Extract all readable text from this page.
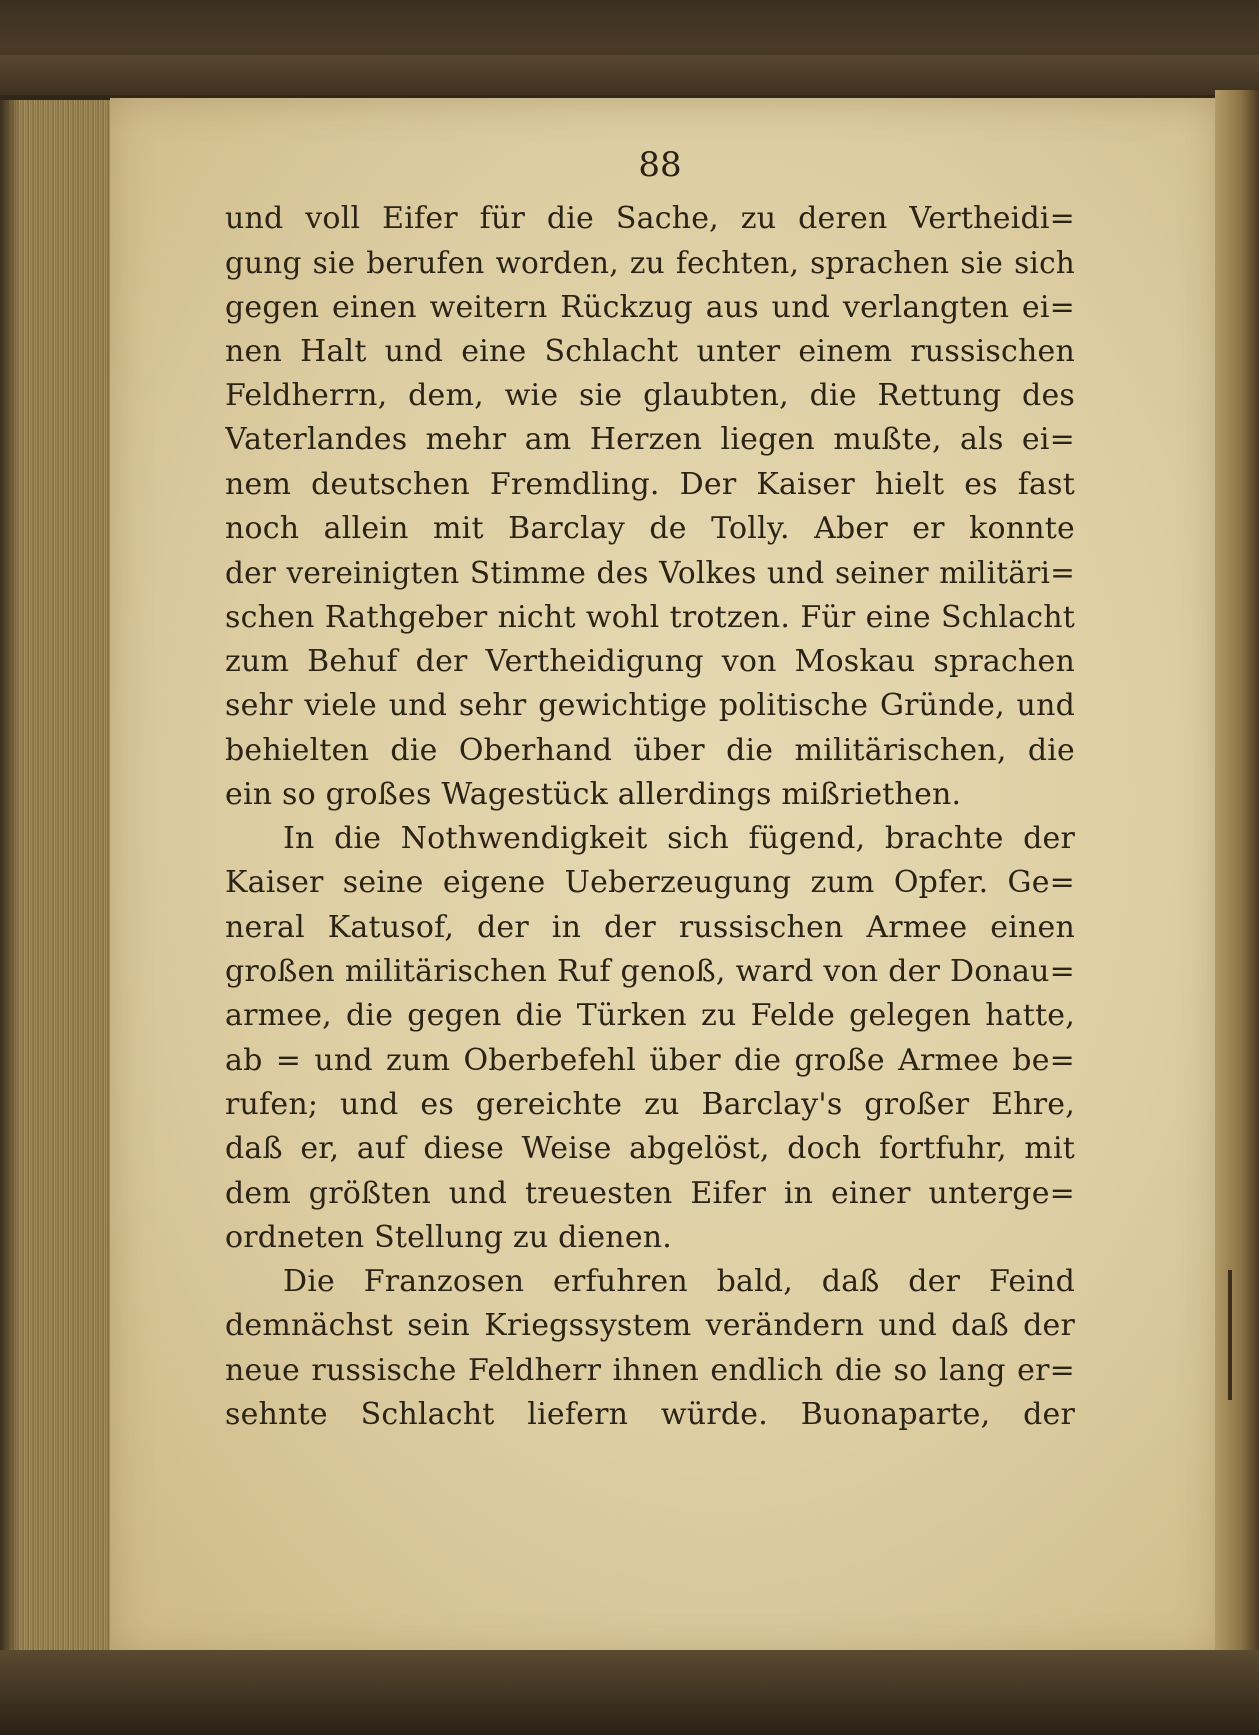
88
und voll Eifer für die Sache, zu deren Vertheidi=
gung sie berufen worden, zu fechten, sprachen sie sich
gegen einen weitern Rückzug aus und verlangten ei=
nen Halt und eine Schlacht unter einem russischen
Feldherrn, dem, wie sie glaubten, die Rettung des
Vaterlandes mehr am Herzen liegen mußte, als ei=
nem deutschen Fremdling. Der Kaiser hielt es fast
noch allein mit Barclay de Tolly. Aber er konnte
der vereinigten Stimme des Volkes und seiner militäri=
schen Rathgeber nicht wohl trotzen. Für eine Schlacht
zum Behuf der Vertheidigung von Moskau sprachen
sehr viele und sehr gewichtige politische Gründe, und
behielten die Oberhand über die militärischen, die
ein so großes Wagestück allerdings mißriethen.
In die Nothwendigkeit sich fügend, brachte der
Kaiser seine eigene Ueberzeugung zum Opfer. Ge=
neral Katusof, der in der russischen Armee einen
großen militärischen Ruf genoß, ward von der Donau=
armee, die gegen die Türken zu Felde gelegen hatte,
ab = und zum Oberbefehl über die große Armee be=
rufen; und es gereichte zu Barclay's großer Ehre,
daß er, auf diese Weise abgelöst, doch fortfuhr, mit
dem größten und treuesten Eifer in einer unterge=
ordneten Stellung zu dienen.
Die Franzosen erfuhren bald, daß der Feind
demnächst sein Kriegssystem verändern und daß der
neue russische Feldherr ihnen endlich die so lang er=
sehnte Schlacht liefern würde. Buonaparte, der
